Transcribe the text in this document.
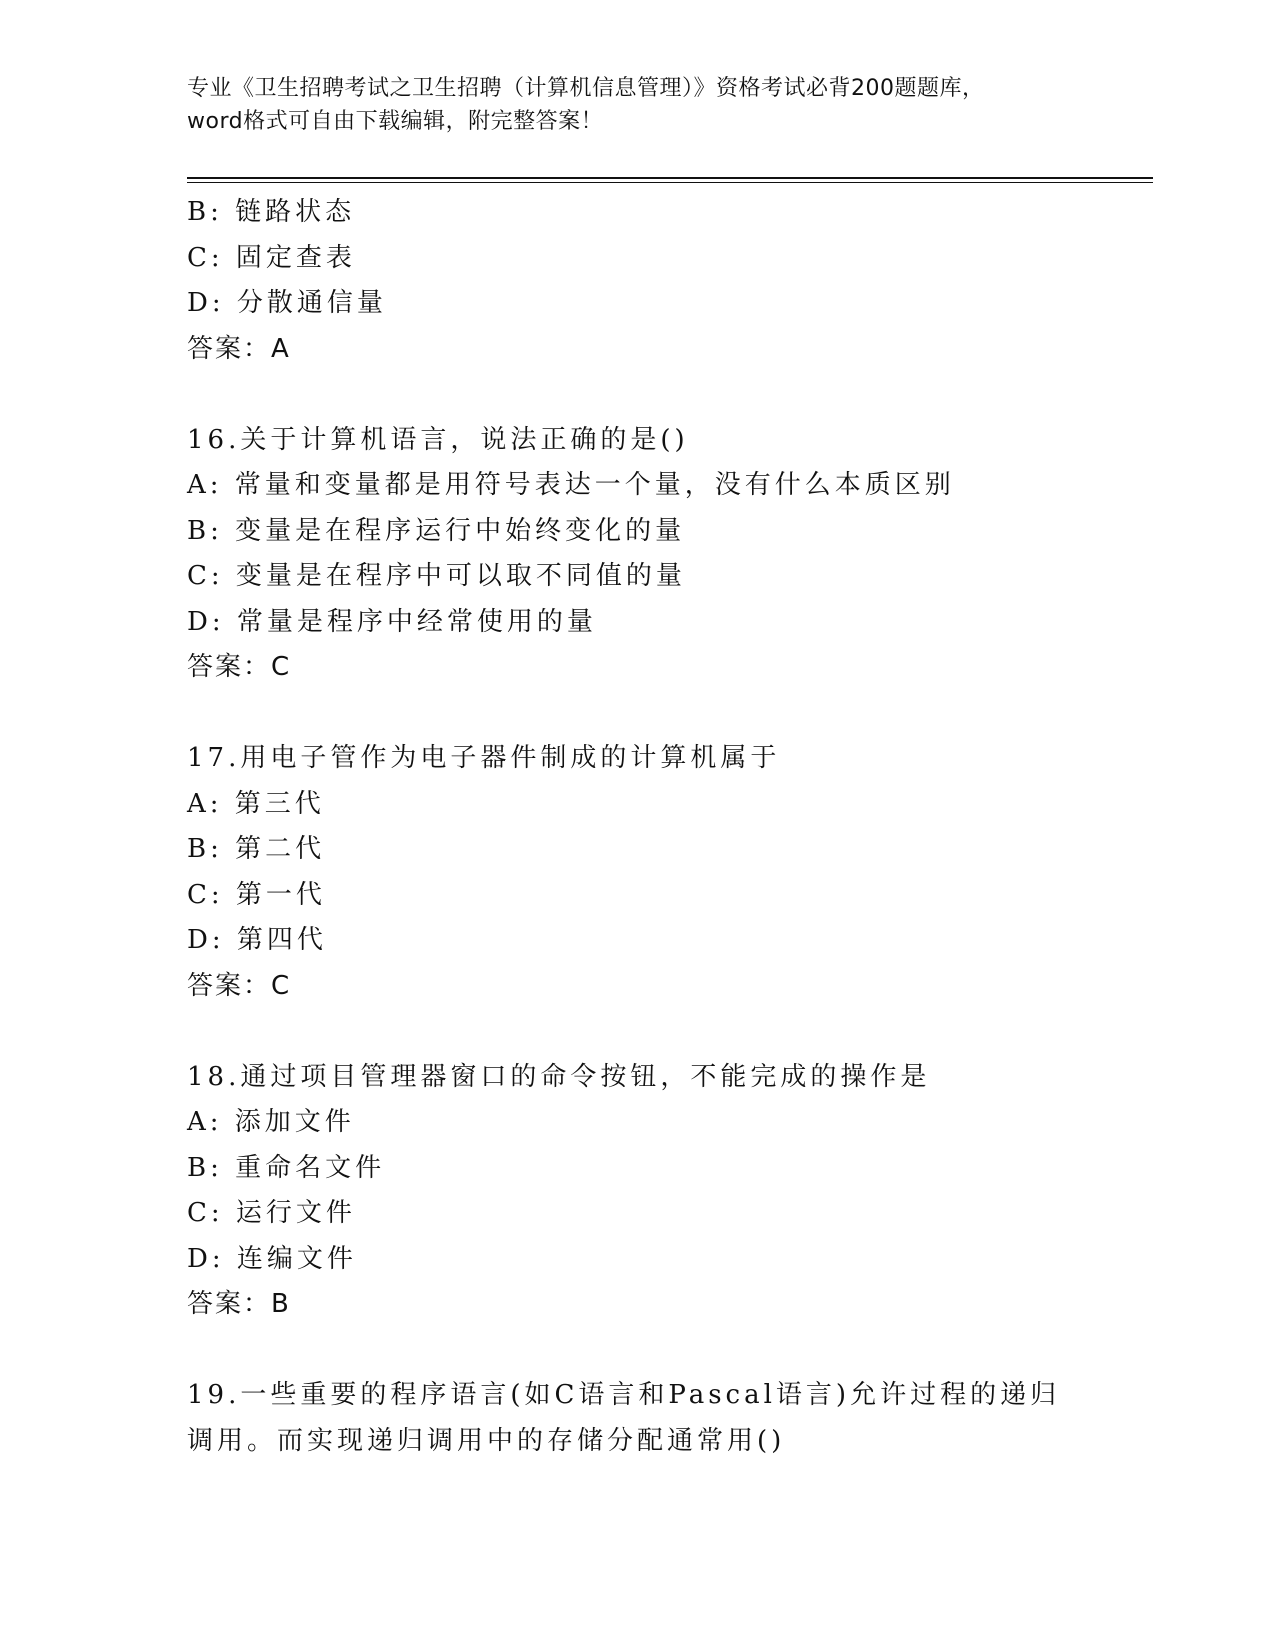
专业《卫生招聘考试之卫生招聘（计算机信息管理）》资格考试必背200题题库，
word格式可自由下载编辑，附完整答案！
B: 链路状态
C: 固定查表
D: 分散通信量
答案：A
16.关于计算机语言，说法正确的是()
A: 常量和变量都是用符号表达一个量，没有什么本质区别
B: 变量是在程序运行中始终变化的量
C: 变量是在程序中可以取不同值的量
D: 常量是程序中经常使用的量
答案：C
17.用电子管作为电子器件制成的计算机属于
A: 第三代
B: 第二代
C: 第一代
D: 第四代
答案：C
18.通过项目管理器窗口的命令按钮，不能完成的操作是
A: 添加文件
B: 重命名文件
C: 运行文件
D: 连编文件
答案：B
19.一些重要的程序语言(如C语言和Pascal语言)允许过程的递归调用。而实现递归调用中的存储分配通常用()
